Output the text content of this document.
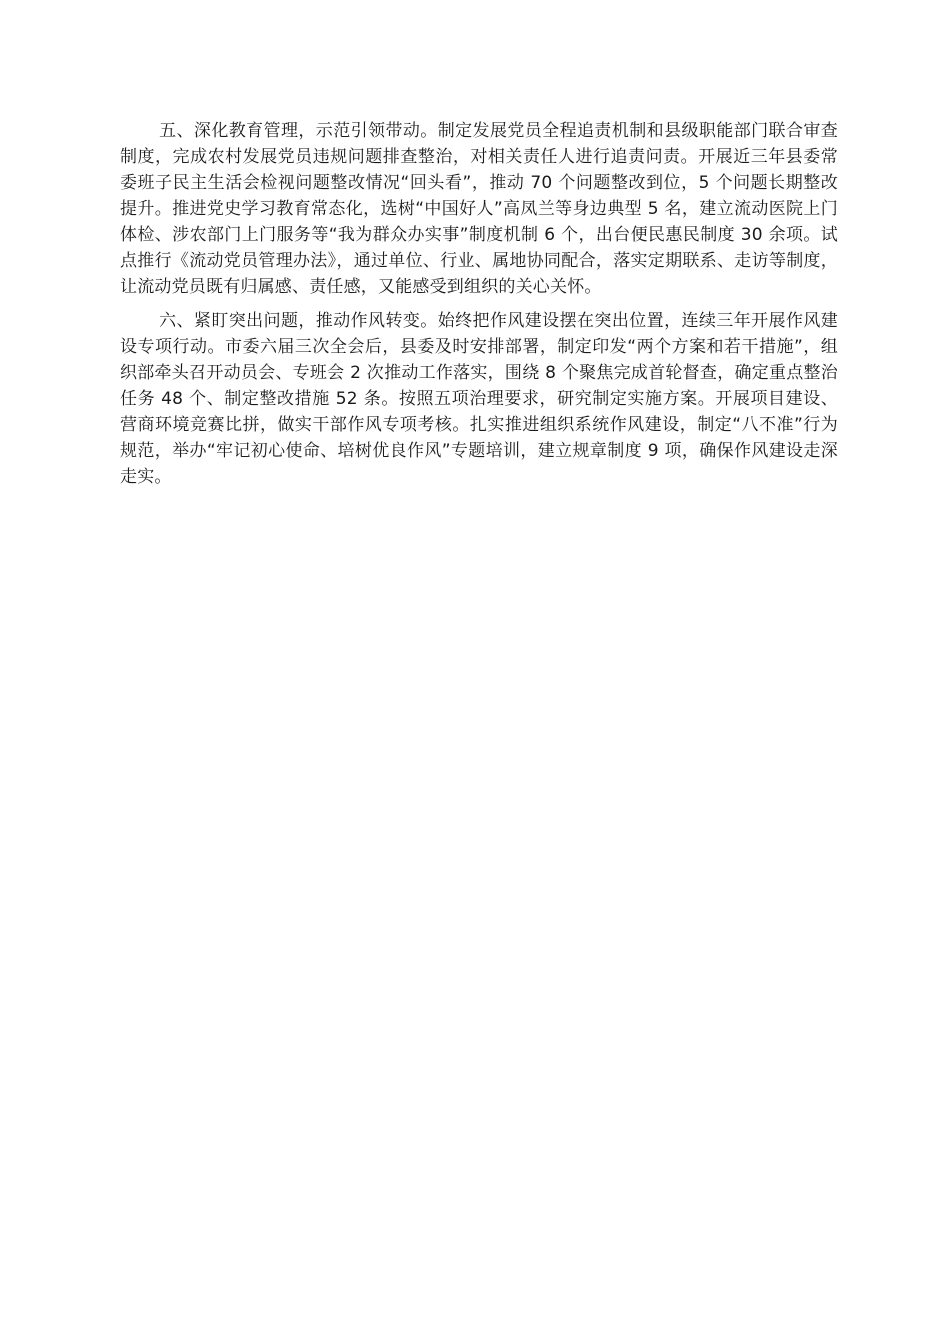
五、深化教育管理，示范引领带动。制定发展党员全程追责机制和县级职能部门联合审查制度，完成农村发展党员违规问题排查整治，对相关责任人进行追责问责。开展近三年县委常委班子民主生活会检视问题整改情况“回头看”，推动 70 个问题整改到位，5 个问题长期整改提升。推进党史学习教育常态化，选树“中国好人”高凤兰等身边典型 5 名，建立流动医院上门体检、涉农部门上门服务等“我为群众办实事”制度机制 6 个，出台便民惠民制度 30 余项。试点推行《流动党员管理办法》，通过单位、行业、属地协同配合，落实定期联系、走访等制度，让流动党员既有归属感、责任感，又能感受到组织的关心关怀。

六、紧盯突出问题，推动作风转变。始终把作风建设摆在突出位置，连续三年开展作风建设专项行动。市委六届三次全会后，县委及时安排部署，制定印发“两个方案和若干措施”，组织部牵头召开动员会、专班会 2 次推动工作落实，围绕 8 个聚焦完成首轮督查，确定重点整治任务 48 个、制定整改措施 52 条。按照五项治理要求，研究制定实施方案。开展项目建设、营商环境竞赛比拼，做实干部作风专项考核。扎实推进组织系统作风建设，制定“八不准”行为规范，举办“牢记初心使命、培树优良作风”专题培训，建立规章制度 9 项，确保作风建设走深走实。
